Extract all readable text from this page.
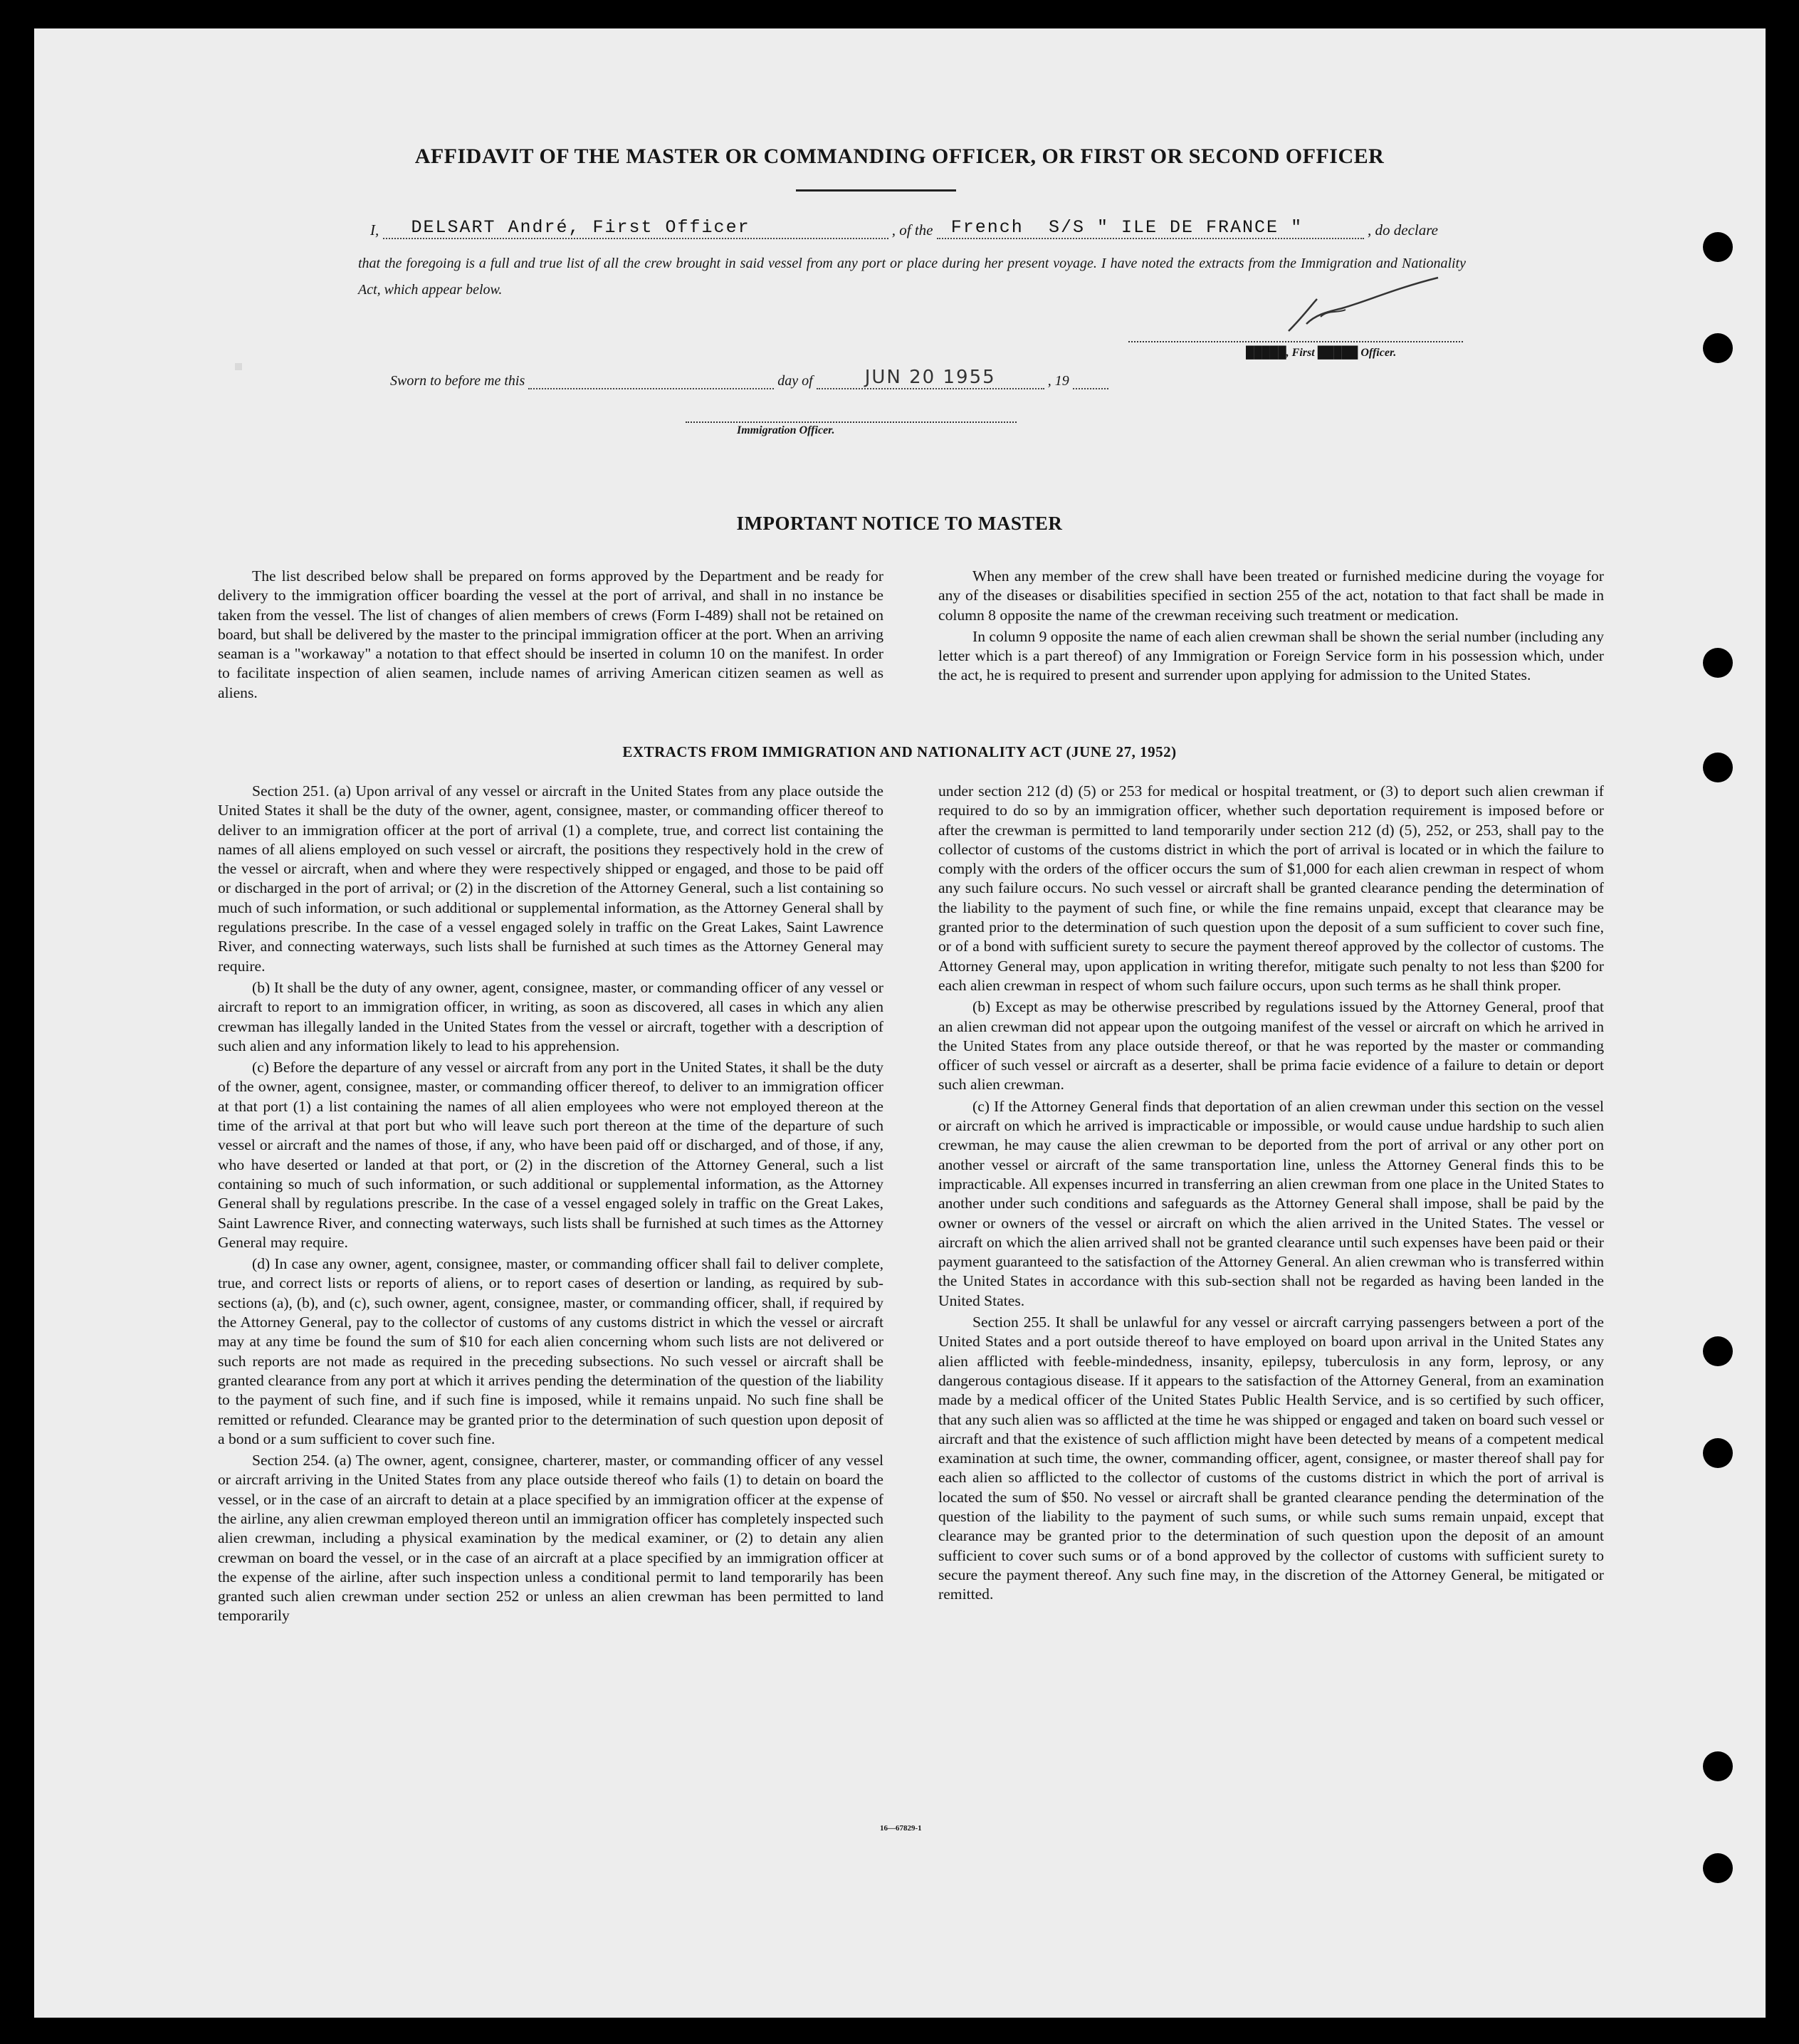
AFFIDAVIT OF THE MASTER OR COMMANDING OFFICER, OR FIRST OR SECOND OFFICER
I, DELSART André, First Officer	, of the French S/S " ILE DE FRANCE "	, do declare
that the foregoing is a full and true list of all the crew brought in said vessel from any port or place during her present voyage. I have noted the extracts from the Immigration and Nationality Act, which appear below.
█████, First █████ Officer.
Sworn to before me this	day of	JUN 20 1955	, 19
Immigration Officer.
IMPORTANT NOTICE TO MASTER

The list described below shall be prepared on forms approved by the Department and be ready for delivery to the immigration officer boarding the vessel at the port of arrival, and shall in no instance be taken from the vessel. The list of changes of alien members of crews (Form I-489) shall not be retained on board, but shall be delivered by the master to the principal immigration officer at the port. When an arriving seaman is a "workaway" a notation to that effect should be inserted in column 10 on the manifest. In order to facilitate inspection of alien seamen, include names of arriving American citizen seamen as well as aliens.

When any member of the crew shall have been treated or furnished medicine during the voyage for any of the diseases or disabilities specified in section 255 of the act, notation to that fact shall be made in column 8 opposite the name of the crewman receiving such treatment or medication.

In column 9 opposite the name of each alien crewman shall be shown the serial number (including any letter which is a part thereof) of any Immigration or Foreign Service form in his possession which, under the act, he is required to present and surrender upon applying for admission to the United States.

EXTRACTS FROM IMMIGRATION AND NATIONALITY ACT (JUNE 27, 1952)

Section 251. (a) Upon arrival of any vessel or aircraft in the United States from any place outside the United States it shall be the duty of the owner, agent, consignee, master, or commanding officer thereof to deliver to an immigration officer at the port of arrival (1) a complete, true, and correct list containing the names of all aliens employed on such vessel or aircraft, the positions they respectively hold in the crew of the vessel or aircraft, when and where they were respectively shipped or engaged, and those to be paid off or discharged in the port of arrival; or (2) in the discretion of the Attorney General, such a list containing so much of such information, or such additional or supplemental information, as the Attorney General shall by regulations prescribe. In the case of a vessel engaged solely in traffic on the Great Lakes, Saint Lawrence River, and connecting waterways, such lists shall be furnished at such times as the Attorney General may require.

(b) It shall be the duty of any owner, agent, consignee, master, or commanding officer of any vessel or aircraft to report to an immigration officer, in writing, as soon as discovered, all cases in which any alien crewman has illegally landed in the United States from the vessel or aircraft, together with a description of such alien and any information likely to lead to his apprehension.

(c) Before the departure of any vessel or aircraft from any port in the United States, it shall be the duty of the owner, agent, consignee, master, or commanding officer thereof, to deliver to an immigration officer at that port (1) a list containing the names of all alien employees who were not employed thereon at the time of the arrival at that port but who will leave such port thereon at the time of the departure of such vessel or aircraft and the names of those, if any, who have been paid off or discharged, and of those, if any, who have deserted or landed at that port, or (2) in the discretion of the Attorney General, such a list containing so much of such information, or such additional or supplemental information, as the Attorney General shall by regulations prescribe. In the case of a vessel engaged solely in traffic on the Great Lakes, Saint Lawrence River, and connecting waterways, such lists shall be furnished at such times as the Attorney General may require.

(d) In case any owner, agent, consignee, master, or commanding officer shall fail to deliver complete, true, and correct lists or reports of aliens, or to report cases of desertion or landing, as required by sub-sections (a), (b), and (c), such owner, agent, consignee, master, or commanding officer, shall, if required by the Attorney General, pay to the collector of customs of any customs district in which the vessel or aircraft may at any time be found the sum of $10 for each alien concerning whom such lists are not delivered or such reports are not made as required in the preceding subsections. No such vessel or aircraft shall be granted clearance from any port at which it arrives pending the determination of the question of the liability to the payment of such fine, and if such fine is imposed, while it remains unpaid. No such fine shall be remitted or refunded. Clearance may be granted prior to the determination of such question upon deposit of a bond or a sum sufficient to cover such fine.

Section 254. (a) The owner, agent, consignee, charterer, master, or commanding officer of any vessel or aircraft arriving in the United States from any place outside thereof who fails (1) to detain on board the vessel, or in the case of an aircraft to detain at a place specified by an immigration officer at the expense of the airline, any alien crewman employed thereon until an immigration officer has completely inspected such alien crewman, including a physical examination by the medical examiner, or (2) to detain any alien crewman on board the vessel, or in the case of an aircraft at a place specified by an immigration officer at the expense of the airline, after such inspection unless a conditional permit to land temporarily has been granted such alien crewman under section 252 or unless an alien crewman has been permitted to land temporarily

under section 212 (d) (5) or 253 for medical or hospital treatment, or (3) to deport such alien crewman if required to do so by an immigration officer, whether such deportation requirement is imposed before or after the crewman is permitted to land temporarily under section 212 (d) (5), 252, or 253, shall pay to the collector of customs of the customs district in which the port of arrival is located or in which the failure to comply with the orders of the officer occurs the sum of $1,000 for each alien crewman in respect of whom any such failure occurs. No such vessel or aircraft shall be granted clearance pending the determination of the liability to the payment of such fine, or while the fine remains unpaid, except that clearance may be granted prior to the determination of such question upon the deposit of a sum sufficient to cover such fine, or of a bond with sufficient surety to secure the payment thereof approved by the collector of customs. The Attorney General may, upon application in writing therefor, mitigate such penalty to not less than $200 for each alien crewman in respect of whom such failure occurs, upon such terms as he shall think proper.

(b) Except as may be otherwise prescribed by regulations issued by the Attorney General, proof that an alien crewman did not appear upon the outgoing manifest of the vessel or aircraft on which he arrived in the United States from any place outside thereof, or that he was reported by the master or commanding officer of such vessel or aircraft as a deserter, shall be prima facie evidence of a failure to detain or deport such alien crewman.

(c) If the Attorney General finds that deportation of an alien crewman under this section on the vessel or aircraft on which he arrived is impracticable or impossible, or would cause undue hardship to such alien crewman, he may cause the alien crewman to be deported from the port of arrival or any other port on another vessel or aircraft of the same transportation line, unless the Attorney General finds this to be impracticable. All expenses incurred in transferring an alien crewman from one place in the United States to another under such conditions and safeguards as the Attorney General shall impose, shall be paid by the owner or owners of the vessel or aircraft on which the alien arrived in the United States. The vessel or aircraft on which the alien arrived shall not be granted clearance until such expenses have been paid or their payment guaranteed to the satisfaction of the Attorney General. An alien crewman who is transferred within the United States in accordance with this sub-section shall not be regarded as having been landed in the United States.

Section 255. It shall be unlawful for any vessel or aircraft carrying passengers between a port of the United States and a port outside thereof to have employed on board upon arrival in the United States any alien afflicted with feeble-mindedness, insanity, epilepsy, tuberculosis in any form, leprosy, or any dangerous contagious disease. If it appears to the satisfaction of the Attorney General, from an examination made by a medical officer of the United States Public Health Service, and is so certified by such officer, that any such alien was so afflicted at the time he was shipped or engaged and taken on board such vessel or aircraft and that the existence of such affliction might have been detected by means of a competent medical examination at such time, the owner, commanding officer, agent, consignee, or master thereof shall pay for each alien so afflicted to the collector of customs of the customs district in which the port of arrival is located the sum of $50. No vessel or aircraft shall be granted clearance pending the determination of the question of the liability to the payment of such sums, or while such sums remain unpaid, except that clearance may be granted prior to the determination of such question upon the deposit of an amount sufficient to cover such sums or of a bond approved by the collector of customs with sufficient surety to secure the payment thereof. Any such fine may, in the discretion of the Attorney General, be mitigated or remitted.

16—67829-1
